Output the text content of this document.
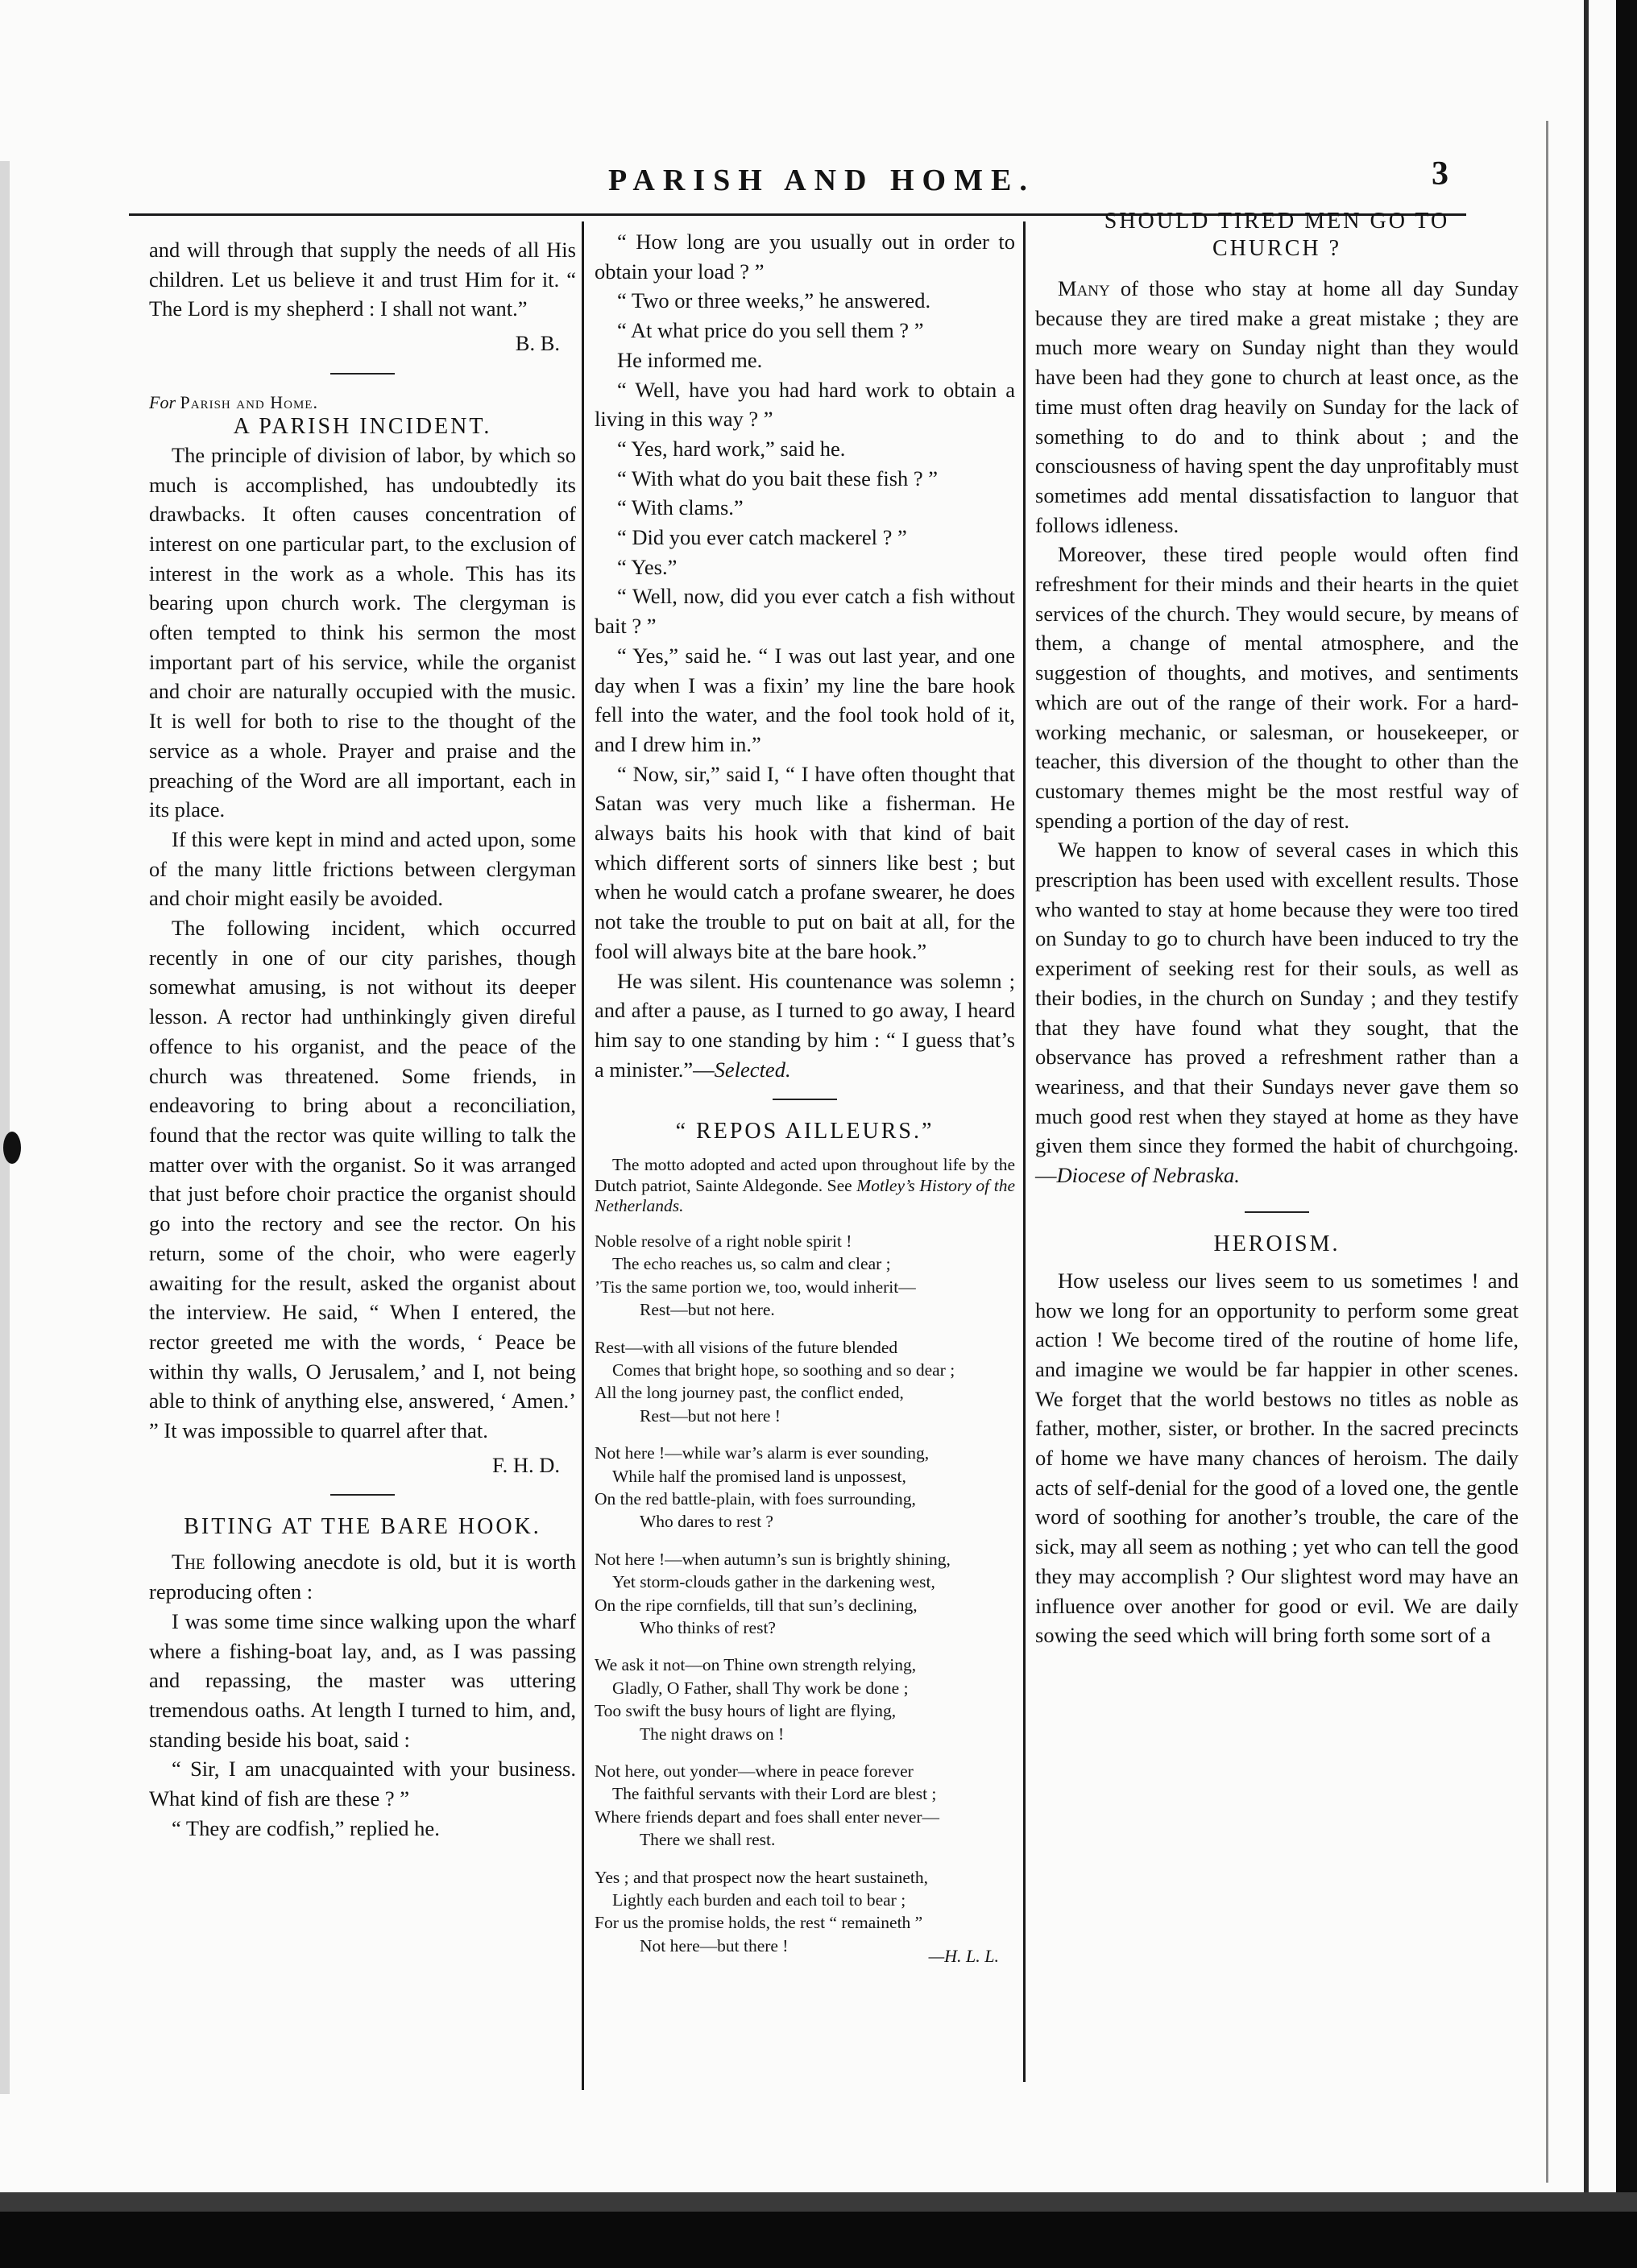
PARISH AND HOME.	3

and will through that supply the needs of all His children. Let us believe it and trust Him for it. “ The Lord is my shepherd : I shall not want.”

B. B.

For Parish and Home.
A PARISH INCIDENT.

The principle of division of labor, by which so much is accomplished, has undoubtedly its drawbacks. It often causes concentration of interest on one particular part, to the exclusion of interest in the work as a whole. This has its bearing upon church work. The clergyman is often tempted to think his sermon the most important part of his service, while the organist and choir are naturally occupied with the music. It is well for both to rise to the thought of the service as a whole. Prayer and praise and the preaching of the Word are all important, each in its place.

If this were kept in mind and acted upon, some of the many little frictions between clergyman and choir might easily be avoided.

The following incident, which occurred recently in one of our city parishes, though somewhat amusing, is not without its deeper lesson. A rector had unthinkingly given direful offence to his organist, and the peace of the church was threatened. Some friends, in endeavoring to bring about a reconciliation, found that the rector was quite willing to talk the matter over with the organist. So it was arranged that just before choir practice the organist should go into the rectory and see the rector. On his return, some of the choir, who were eagerly awaiting for the result, asked the organist about the interview. He said, “ When I entered, the rector greeted me with the words, ‘ Peace be within thy walls, O Jerusalem,’ and I, not being able to think of anything else, answered, ‘ Amen.’ ” It was impossible to quarrel after that.

F. H. D.

BITING AT THE BARE HOOK.

The following anecdote is old, but it is worth reproducing often :

I was some time since walking upon the wharf where a fishing-boat lay, and, as I was passing and repassing, the master was uttering tremendous oaths. At length I turned to him, and, standing beside his boat, said :

“ Sir, I am unacquainted with your business. What kind of fish are these ? ”

“ They are codfish,” replied he.

“ How long are you usually out in order to obtain your load ? ”

“ Two or three weeks,” he answered.

“ At what price do you sell them ? ”

He informed me.

“ Well, have you had hard work to obtain a living in this way ? ”

“ Yes, hard work,” said he.

“ With what do you bait these fish ? ”

“ With clams.”

“ Did you ever catch mackerel ? ”

“ Yes.”

“ Well, now, did you ever catch a fish without bait ? ”

“ Yes,” said he. “ I was out last year, and one day when I was a fixin’ my line the bare hook fell into the water, and the fool took hold of it, and I drew him in.”

“ Now, sir,” said I, “ I have often thought that Satan was very much like a fisherman. He always baits his hook with that kind of bait which different sorts of sinners like best ; but when he would catch a profane swearer, he does not take the trouble to put on bait at all, for the fool will always bite at the bare hook.”

He was silent. His countenance was solemn ; and after a pause, as I turned to go away, I heard him say to one standing by him : “ I guess that’s a minister.”—Selected.

“ REPOS AILLEURS.”
The motto adopted and acted upon throughout life by the Dutch patriot, Sainte Aldegonde. See Motley’s History of the Netherlands.
Noble resolve of a right noble spirit !
The echo reaches us, so calm and clear ;
’Tis the same portion we, too, would inherit—
Rest—but not here.
Rest—with all visions of the future blended
Comes that bright hope, so soothing and so dear ;
All the long journey past, the conflict ended,
Rest—but not here !
Not here !—while war’s alarm is ever sounding,
While half the promised land is unpossest,
On the red battle-plain, with foes surrounding,
Who dares to rest ?
Not here !—when autumn’s sun is brightly shining,
Yet storm-clouds gather in the darkening west,
On the ripe cornfields, till that sun’s declining,
Who thinks of rest?
We ask it not—on Thine own strength relying,
Gladly, O Father, shall Thy work be done ;
Too swift the busy hours of light are flying,
The night draws on !
Not here, out yonder—where in peace forever
The faithful servants with their Lord are blest ;
Where friends depart and foes shall enter never—
There we shall rest.
Yes ; and that prospect now the heart sustaineth,
Lightly each burden and each toil to bear ;
For us the promise holds, the rest “ remaineth ”
Not here—but there !
—H. L. L.
SHOULD TIRED MEN GO TO CHURCH ?

Many of those who stay at home all day Sunday because they are tired make a great mistake ; they are much more weary on Sunday night than they would have been had they gone to church at least once, as the time must often drag heavily on Sunday for the lack of something to do and to think about ; and the consciousness of having spent the day unprofitably must sometimes add mental dissatisfaction to languor that follows idleness.

Moreover, these tired people would often find refreshment for their minds and their hearts in the quiet services of the church. They would secure, by means of them, a change of mental atmosphere, and the suggestion of thoughts, and motives, and sentiments which are out of the range of their work. For a hard-working mechanic, or salesman, or housekeeper, or teacher, this diversion of the thought to other than the customary themes might be the most restful way of spending a portion of the day of rest.

We happen to know of several cases in which this prescription has been used with excellent results. Those who wanted to stay at home because they were too tired on Sunday to go to church have been induced to try the experiment of seeking rest for their souls, as well as their bodies, in the church on Sunday ; and they testify that they have found what they sought, that the observance has proved a refreshment rather than a weariness, and that their Sundays never gave them so much good rest when they stayed at home as they have given them since they formed the habit of churchgoing.—Diocese of Nebraska.

HEROISM.

How useless our lives seem to us sometimes ! and how we long for an opportunity to perform some great action ! We become tired of the routine of home life, and imagine we would be far happier in other scenes. We forget that the world bestows no titles as noble as father, mother, sister, or brother. In the sacred precincts of home we have many chances of heroism. The daily acts of self-denial for the good of a loved one, the gentle word of soothing for another’s trouble, the care of the sick, may all seem as nothing ; yet who can tell the good they may accomplish ? Our slightest word may have an influence over another for good or evil. We are daily sowing the seed which will bring forth some sort of a
